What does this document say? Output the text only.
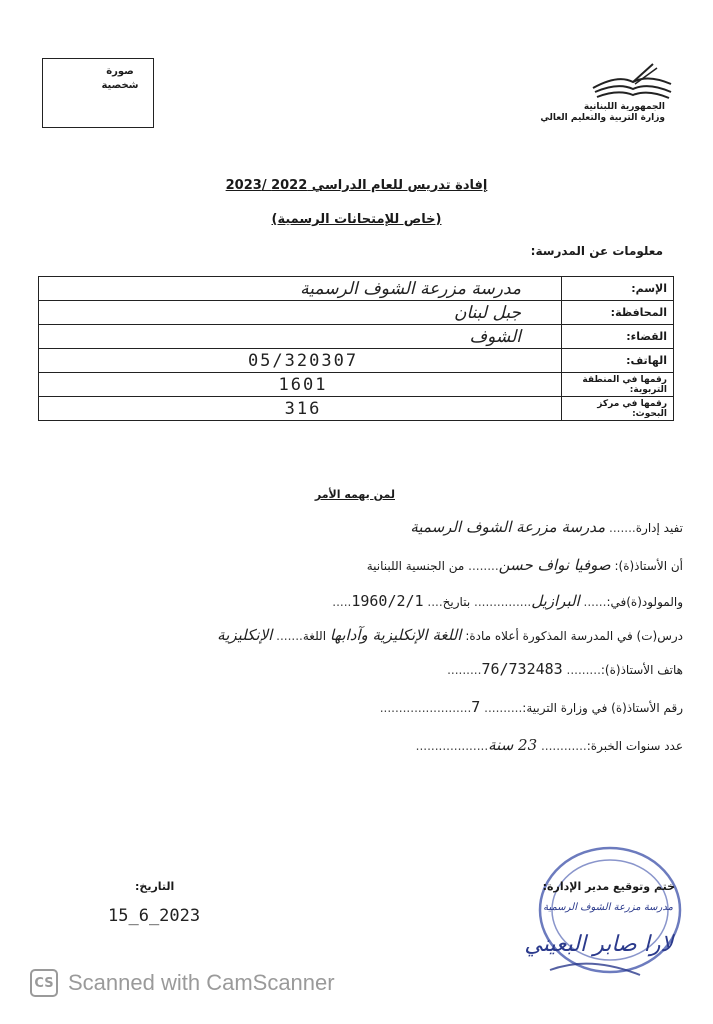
صورة
شخصية
الجمهورية اللبنانية
وزارة التربية والتعليم العالي
إفادة تدريس للعام الدراسي 2022 /2023
(خاص للإمتحانات الرسمية)
معلومات عن المدرسة:
الإسم:	مدرسة مزرعة الشوف الرسمية
المحافظة:	جبل لبنان
القضاء:	الشوف
الهاتف:	05/320307
رقمها في المنطقة التربوية:	1601
رقمها في مركز البحوث:	316
لمن يهمه الأمر
تفيد إدارة....... مدرسة مزرعة الشوف الرسمية
أن الأستاذ(ة): صوفيا نواف حسن........ من الجنسية اللبنانية
والمولود(ة)في:...... البرازيل............... بتاريخ.... 1960/2/1.....
درس(ت) في المدرسة المذكورة أعلاه مادة: اللغة الإنكليزية وآدابها اللغة....... الإنكليزية
هاتف الأستاذ(ة):......... 76/732483.........
رقم الأستاذ(ة) في وزارة التربية:.......... 7........................
عدد سنوات الخبرة:............ 23 سنة...................
التاريخ:
15_6_2023
ختم وتوقيع مدير الإدارة:
مدرسة مزرعة الشوف الرسمية
لارا صابر البعيني
CS Scanned with CamScanner
